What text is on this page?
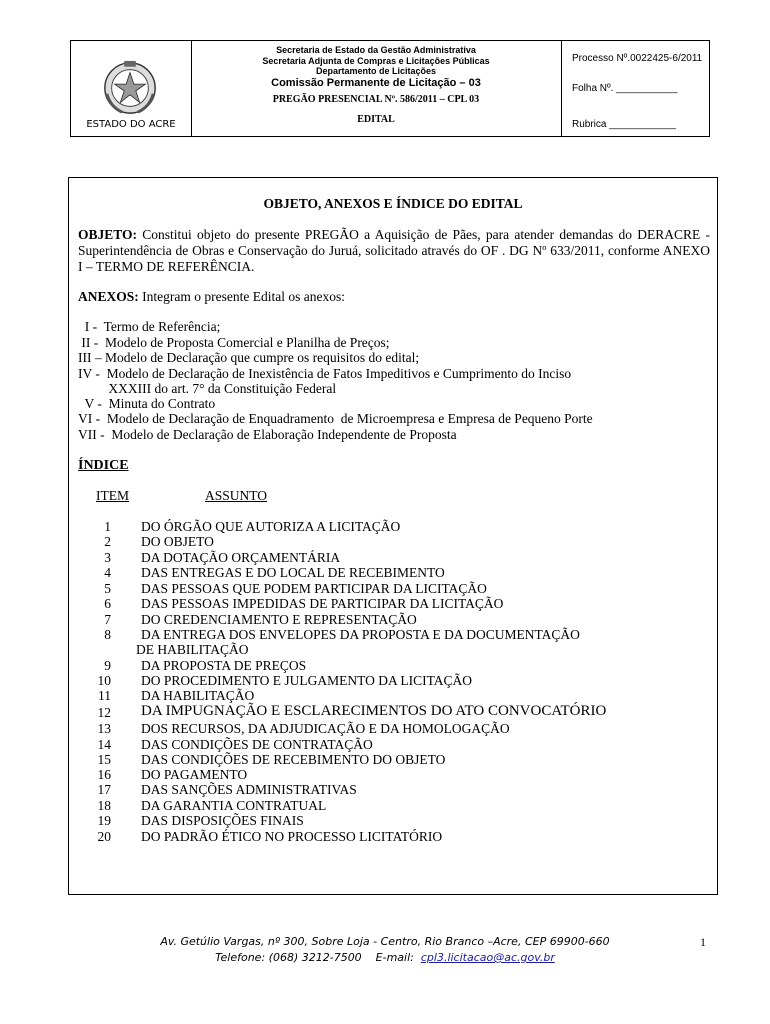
ESTADO DO ACRE
Secretaria de Estado da Gestão Administrativa
Secretaria Adjunta de Compras e Licitações Públicas
Departamento de Licitações
Comissão Permanente de Licitação – 03
PREGÃO PRESENCIAL Nº. 586/2011 – CPL 03
EDITAL
Processo Nº.0022425-6/2011
Folha Nº. ___________
Rubrica ____________
OBJETO, ANEXOS E ÍNDICE DO EDITAL
OBJETO: Constitui objeto do presente PREGÃO a Aquisição de Pães, para atender demandas do DERACRE - Superintendência de Obras e Conservação do Juruá, solicitado através do OF . DG Nº 633/2011, conforme ANEXO I – TERMO DE REFERÊNCIA.
ANEXOS: Integram o presente Edital os anexos:
I -  Termo de Referência;
II -  Modelo de Proposta Comercial e Planilha de Preços;
III – Modelo de Declaração que cumpre os requisitos do edital;
IV -  Modelo de Declaração de Inexistência de Fatos Impeditivos e Cumprimento do Inciso
XXXIII do art. 7° da Constituição Federal
V -  Minuta do Contrato
VI -  Modelo de Declaração de Enquadramento  de Microempresa e Empresa de Pequeno Porte
VII -  Modelo de Declaração de Elaboração Independente de Proposta
ÍNDICE
ITEM	ASSUNTO
1 DO ÓRGÃO QUE AUTORIZA A LICITAÇÃO
2 DO OBJETO
3 DA DOTAÇÃO ORÇAMENTÁRIA
4 DAS ENTREGAS E DO LOCAL DE RECEBIMENTO
5 DAS PESSOAS QUE PODEM PARTICIPAR DA LICITAÇÃO
6 DAS PESSOAS IMPEDIDAS DE PARTICIPAR DA LICITAÇÃO
7 DO CREDENCIAMENTO E REPRESENTAÇÃO
8 DA ENTREGA DOS ENVELOPES DA PROPOSTA E DA DOCUMENTAÇÃO
DE HABILITAÇÃO
9 DA PROPOSTA DE PREÇOS
10 DO PROCEDIMENTO E JULGAMENTO DA LICITAÇÃO
11 DA HABILITAÇÃO
12 DA IMPUGNAÇÃO E ESCLARECIMENTOS DO ATO CONVOCATÓRIO
13 DOS RECURSOS, DA ADJUDICAÇÃO E DA HOMOLOGAÇÃO
14 DAS CONDIÇÕES DE CONTRATAÇÃO
15 DAS CONDIÇÕES DE RECEBIMENTO DO OBJETO
16 DO PAGAMENTO
17 DAS SANÇÕES ADMINISTRATIVAS
18 DA GARANTIA CONTRATUAL
19 DAS DISPOSIÇÕES FINAIS
20 DO PADRÃO ÉTICO NO PROCESSO LICITATÓRIO
Av. Getúlio Vargas, nº 300, Sobre Loja - Centro, Rio Branco –Acre, CEP 69900-660
Telefone: (068) 3212-7500    E-mail:  cpl3.licitacao@ac.gov.br
1
